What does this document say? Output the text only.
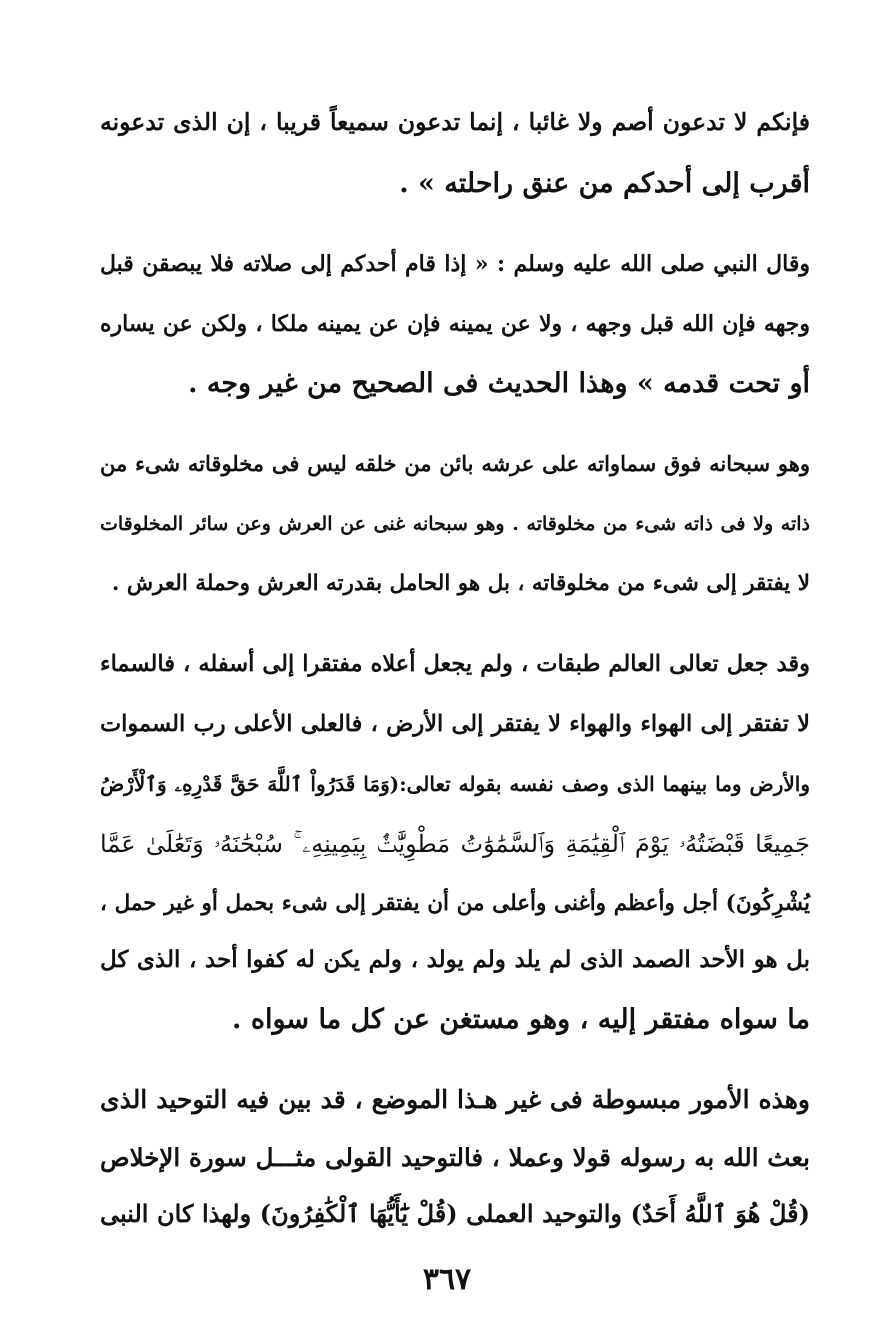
فإنكم لا تدعون أصم ولا غائبا ، إنما تدعون سميعاً قريبا ، إن الذى تدعونه
أقرب إلى أحدكم من عنق راحلته » .
وقال النبي صلى الله عليه وسلم : « إذا قام أحدكم إلى صلاته فلا يبصقن قبل
وجهه فإن الله قبل وجهه ، ولا عن يمينه فإن عن يمينه ملكا ، ولكن عن يساره
أو تحت قدمه » وهذا الحديث فى الصحيح من غير وجه .
وهو سبحانه فوق سماواته على عرشه بائن من خلقه ليس فى مخلوقاته شىء من
ذاته ولا فى ذاته شىء من مخلوقاته . وهو سبحانه غنى عن العرش وعن سائر المخلوقات
لا يفتقر إلى شىء من مخلوقاته ، بل هو الحامل بقدرته العرش وحملة العرش .
وقد جعل تعالى العالم طبقات ، ولم يجعل أعلاه مفتقرا إلى أسفله ، فالسماء
لا تفتقر إلى الهواء والهواء لا يفتقر إلى الأرض ، فالعلى الأعلى رب السموات
والأرض وما بينهما الذى وصف نفسه بقوله تعالى:(وَمَا قَدَرُواْ ٱللَّهَ حَقَّ قَدْرِهِۦ وَٱلْأَرْضُ
جَمِيعًا قَبْضَتُهُۥ يَوْمَ ٱلْقِيَٰمَةِ وَٱلسَّمَٰوَٰتُ مَطْوِيَّٰتٌۢ بِيَمِينِهِۦ ۚ سُبْحَٰنَهُۥ وَتَعَٰلَىٰ عَمَّا
يُشْرِكُونَ) أجل وأعظم وأغنى وأعلى من أن يفتقر إلى شىء بحمل أو غير حمل ،
بل هو الأحد الصمد الذى لم يلد ولم يولد ، ولم يكن له كفوا أحد ، الذى كل
ما سواه مفتقر إليه ، وهو مستغن عن كل ما سواه .
وهذه الأمور مبسوطة فى غير هـذا الموضع ، قد بين فيه التوحيد الذى
بعث الله به رسوله قولا وعملا ، فالتوحيد القولى مثـــل سورة الإخلاص
(قُلْ هُوَ ٱللَّهُ أَحَدٌ) والتوحيد العملى (قُلْ يَٰٓأَيُّهَا ٱلْكَٰفِرُونَ) ولهذا كان النبى
٣٦٧
